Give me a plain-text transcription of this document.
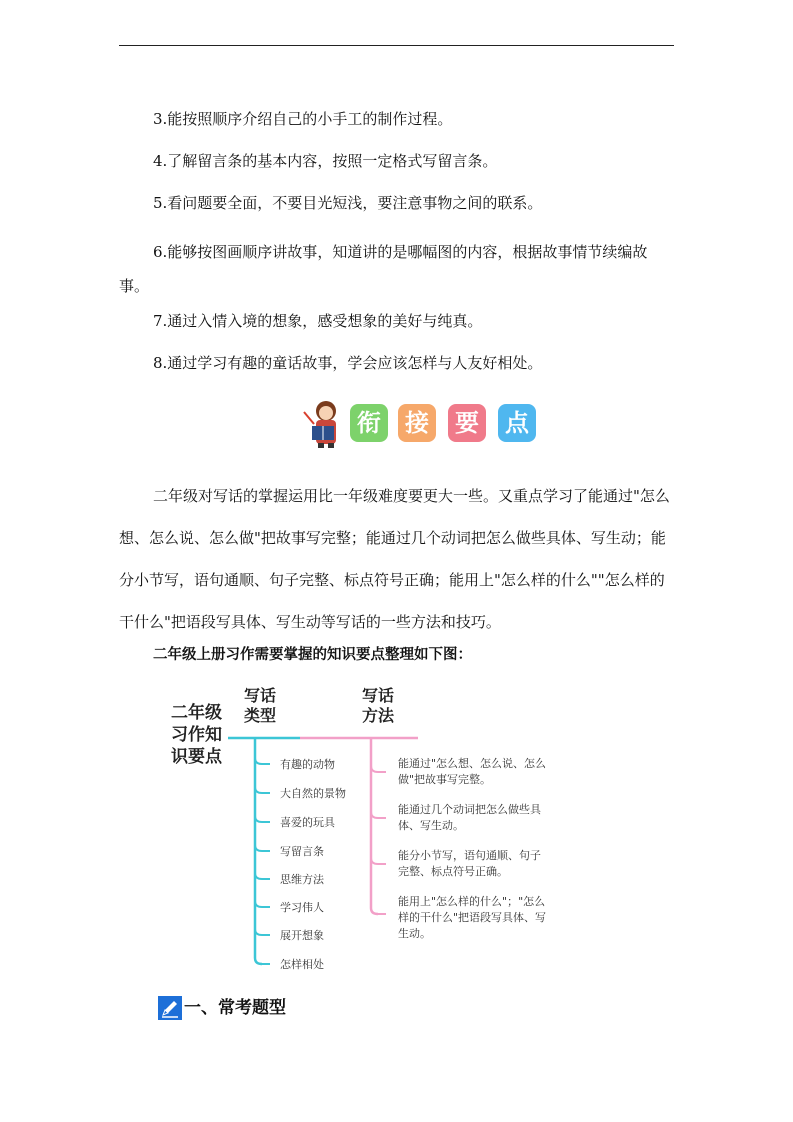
3.能按照顺序介绍自己的小手工的制作过程。

4.了解留言条的基本内容，按照一定格式写留言条。

5.看问题要全面，不要目光短浅，要注意事物之间的联系。

6.能够按图画顺序讲故事，知道讲的是哪幅图的内容，根据故事情节续编故事。

7.通过入情入境的想象，感受想象的美好与纯真。

8.通过学习有趣的童话故事，学会应该怎样与人友好相处。

衔 接 要 点

二年级对写话的掌握运用比一年级难度要更大一些。又重点学习了能通过"怎么想、怎么说、怎么做"把故事写完整；能通过几个动词把怎么做些具体、写生动；能分小节写，语句通顺、句子完整、标点符号正确；能用上"怎么样的什么""怎么样的干什么"把语段写具体、写生动等写话的一些方法和技巧。

二年级上册习作需要掌握的知识要点整理如下图：

二年级习作知识要点
写话类型
写话方法
有趣的动物
大自然的景物
喜爱的玩具
写留言条
思维方法
学习伟人
展开想象
怎样相处
能通过"怎么想、怎么说、怎么做"把故事写完整。
能通过几个动词把怎么做些具体、写生动。
能分小节写，语句通顺、句子完整、标点符号正确。
能用上"怎么样的什么"；"怎么样的干什么"把语段写具体、写生动。
一、常考题型
